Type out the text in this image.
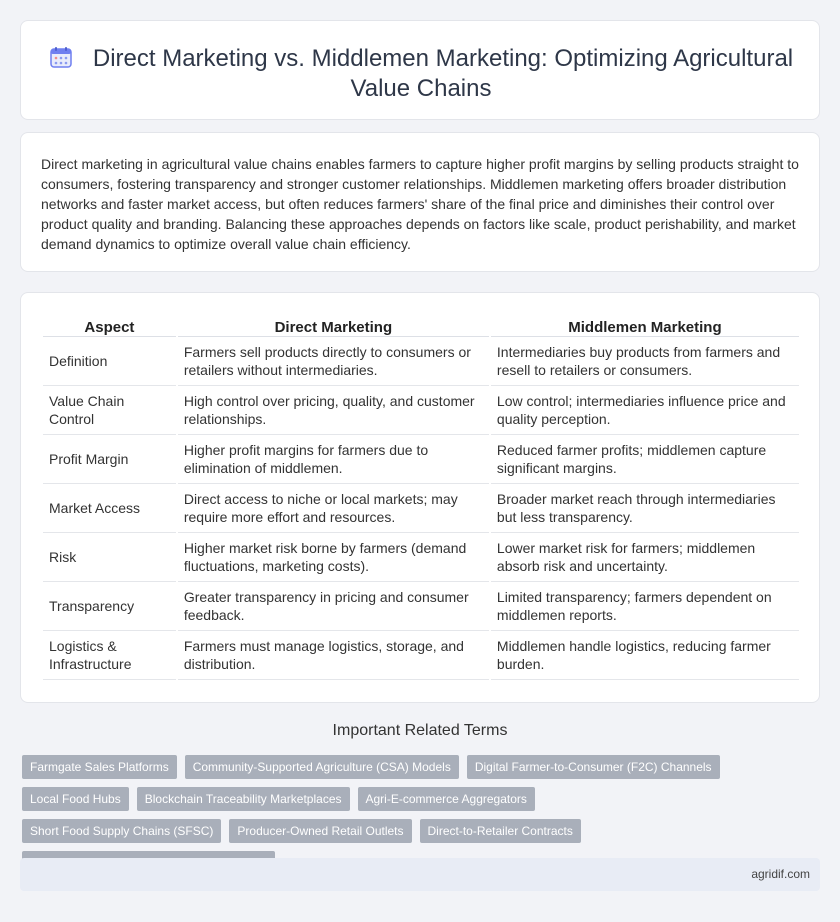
Direct Marketing vs. Middlemen Marketing: Optimizing Agricultural Value Chains

Direct marketing in agricultural value chains enables farmers to capture higher profit margins by selling products straight to consumers, fostering transparency and stronger customer relationships. Middlemen marketing offers broader distribution networks and faster market access, but often reduces farmers' share of the final price and diminishes their control over product quality and branding. Balancing these approaches depends on factors like scale, product perishability, and market demand dynamics to optimize overall value chain efficiency.

Aspect	Direct Marketing	Middlemen Marketing
Definition	Farmers sell products directly to consumers or retailers without intermediaries.	Intermediaries buy products from farmers and resell to retailers or consumers.
Value Chain Control	High control over pricing, quality, and customer relationships.	Low control; intermediaries influence price and quality perception.
Profit Margin	Higher profit margins for farmers due to elimination of middlemen.	Reduced farmer profits; middlemen capture significant margins.
Market Access	Direct access to niche or local markets; may require more effort and resources.	Broader market reach through intermediaries but less transparency.
Risk	Higher market risk borne by farmers (demand fluctuations, marketing costs).	Lower market risk for farmers; middlemen absorb risk and uncertainty.
Transparency	Greater transparency in pricing and consumer feedback.	Limited transparency; farmers dependent on middlemen reports.
Logistics & Infrastructure	Farmers must manage logistics, storage, and distribution.	Middlemen handle logistics, reducing farmer burden.
Important Related Terms
Farmgate Sales Platforms	Community-Supported Agriculture (CSA) Models	Digital Farmer-to-Consumer (F2C) Channels
Local Food Hubs	Blockchain Traceability Marketplaces	Agri-E-commerce Aggregators
Short Food Supply Chains (SFSC)	Producer-Owned Retail Outlets	Direct-to-Retailer Contracts
agridif.com
